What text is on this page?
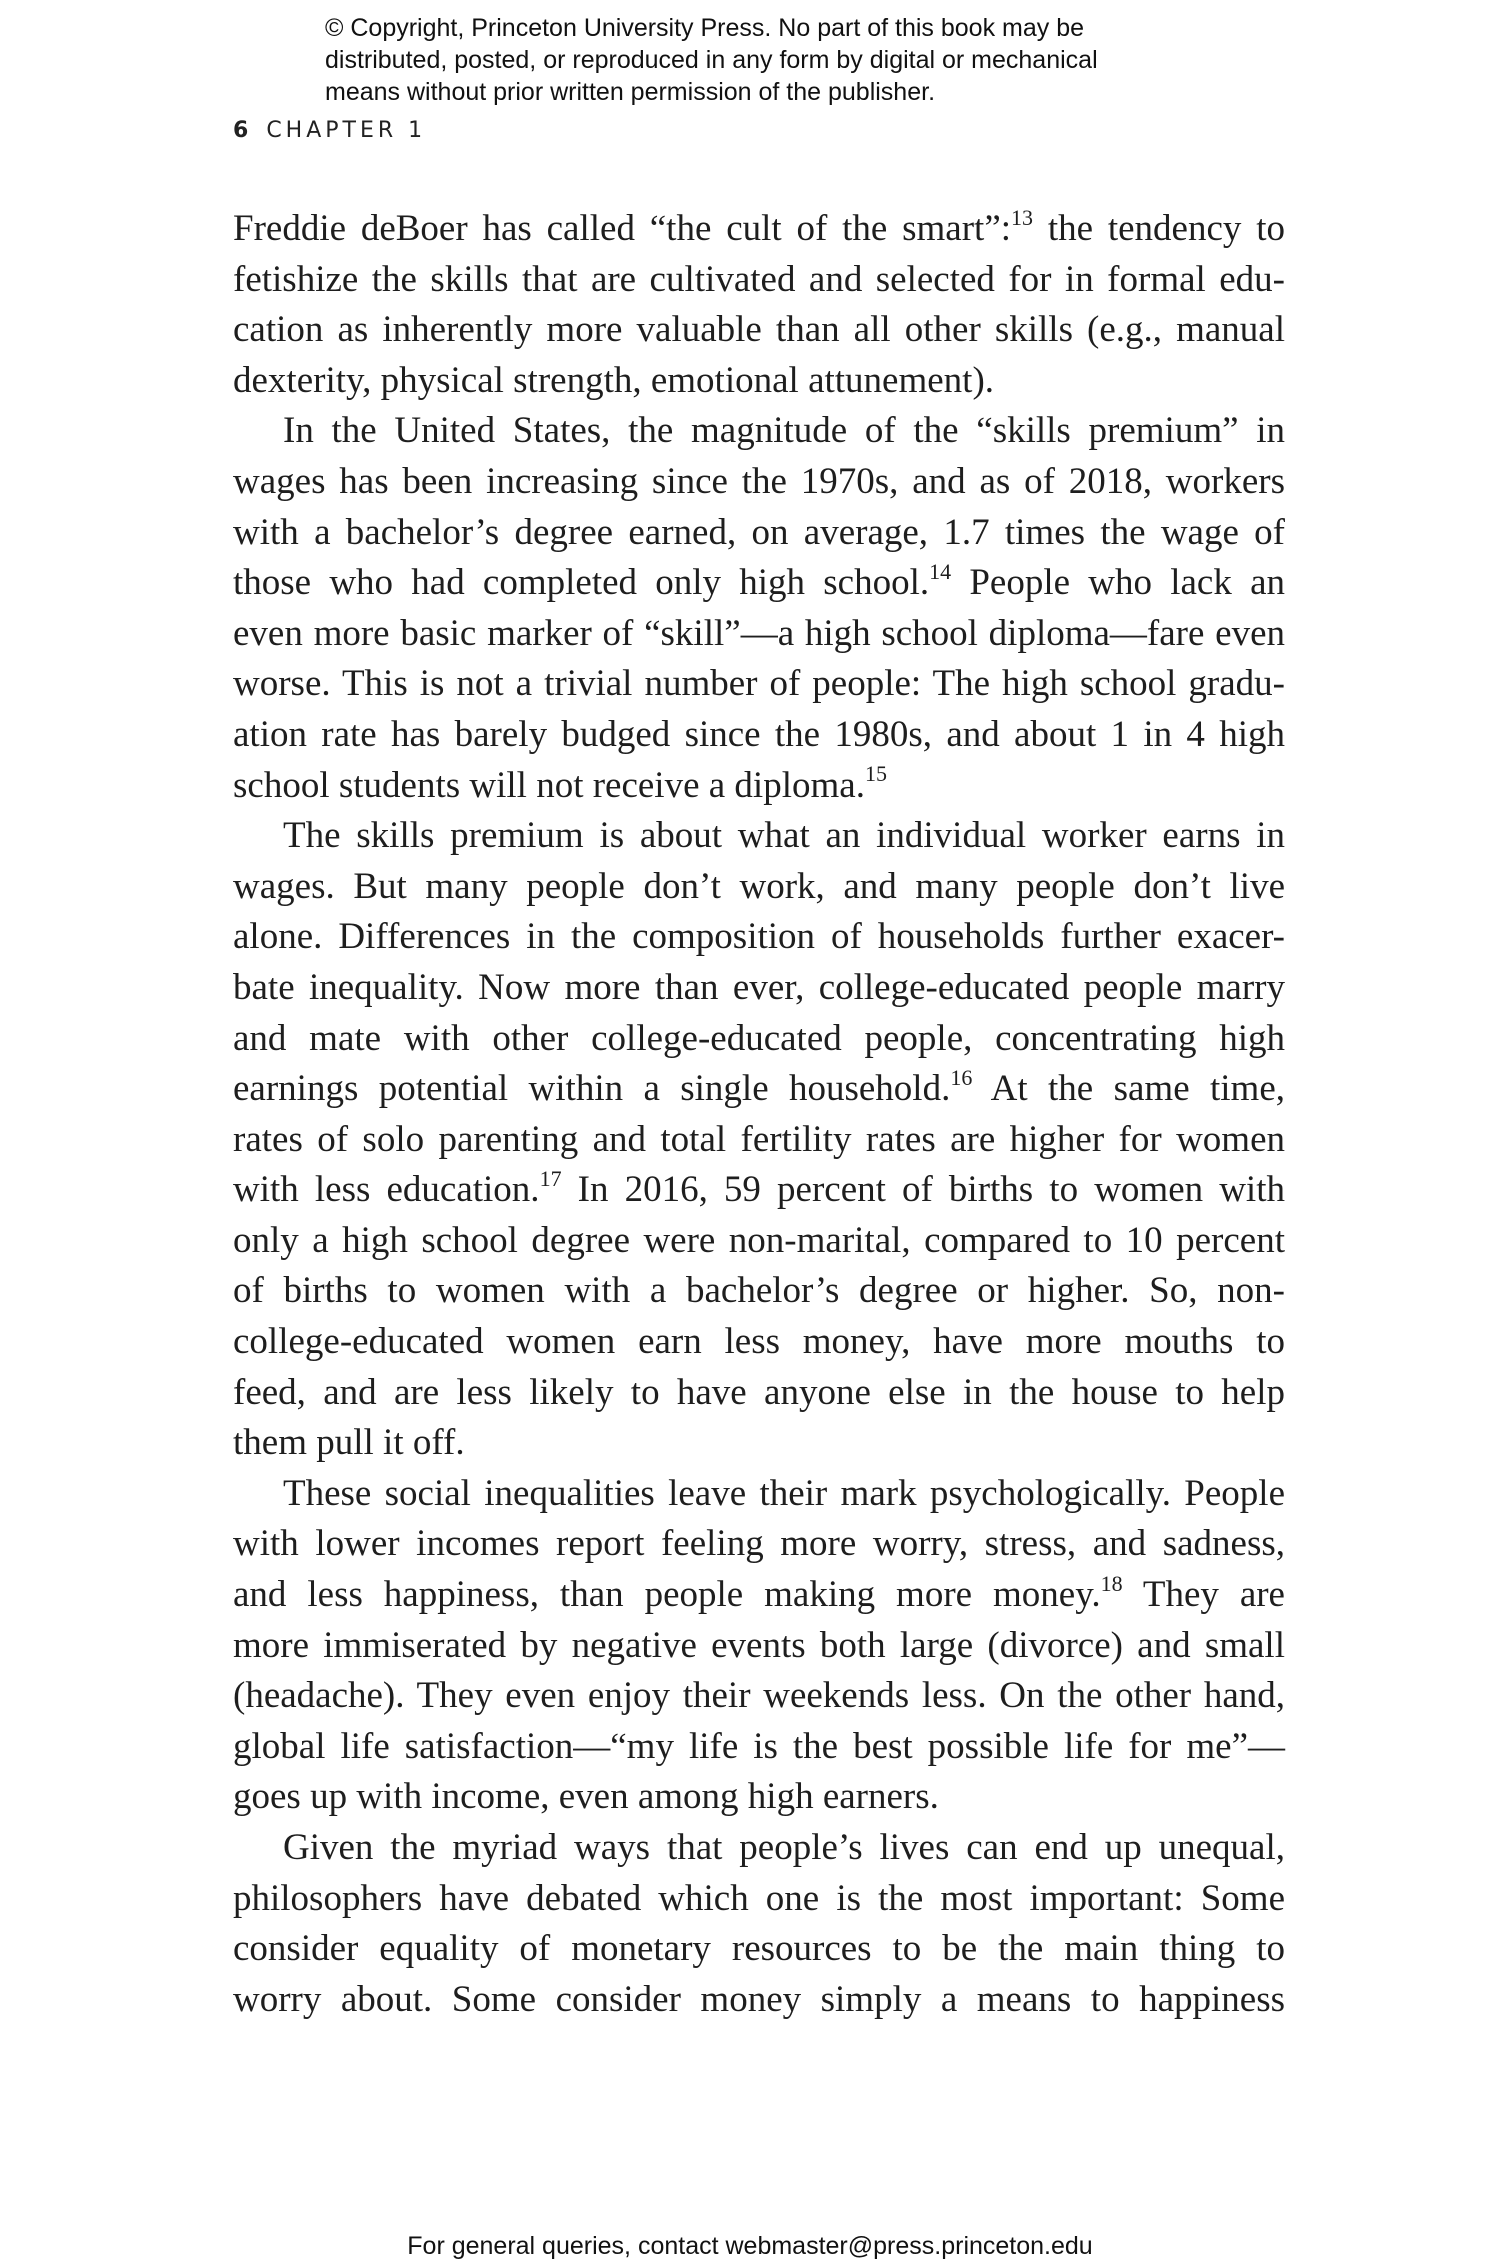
© Copyright, Princeton University Press. No part of this book may be
distributed, posted, or reproduced in any form by digital or mechanical
means without prior written permission of the publisher.
6 CHAPTER 1
Freddie deBoer has called “the cult of the smart”:$^{13}$ the tendency to
fetishize the skills that are cultivated and selected for in formal edu-
cation as inherently more valuable than all other skills (e.g., manual
dexterity, physical strength, emotional attunement).
In the United States, the magnitude of the “skills premium” in
wages has been increasing since the 1970s, and as of 2018, workers
with a bachelor’s degree earned, on average, 1.7 times the wage of
those who had completed only high school.$^{14}$ People who lack an
even more basic marker of “skill”—a high school diploma—fare even
worse. This is not a trivial number of people: The high school gradu-
ation rate has barely budged since the 1980s, and about 1 in 4 high
school students will not receive a diploma.$^{15}$
The skills premium is about what an individual worker earns in
wages. But many people don’t work, and many people don’t live
alone. Differences in the composition of households further exacer-
bate inequality. Now more than ever, college-educated people marry
and mate with other college-educated people, concentrating high
earnings potential within a single household.$^{16}$ At the same time,
rates of solo parenting and total fertility rates are higher for women
with less education.$^{17}$ In 2016, 59 percent of births to women with
only a high school degree were non-marital, compared to 10 percent
of births to women with a bachelor’s degree or higher. So, non-
college-educated women earn less money, have more mouths to
feed, and are less likely to have anyone else in the house to help
them pull it off.
These social inequalities leave their mark psychologically. People
with lower incomes report feeling more worry, stress, and sadness,
and less happiness, than people making more money.$^{18}$ They are
more immiserated by negative events both large (divorce) and small
(headache). They even enjoy their weekends less. On the other hand,
global life satisfaction—“my life is the best possible life for me”—
goes up with income, even among high earners.
Given the myriad ways that people’s lives can end up unequal,
philosophers have debated which one is the most important: Some
consider equality of monetary resources to be the main thing to
worry about. Some consider money simply a means to happiness
For general queries, contact webmaster@press.princeton.edu
